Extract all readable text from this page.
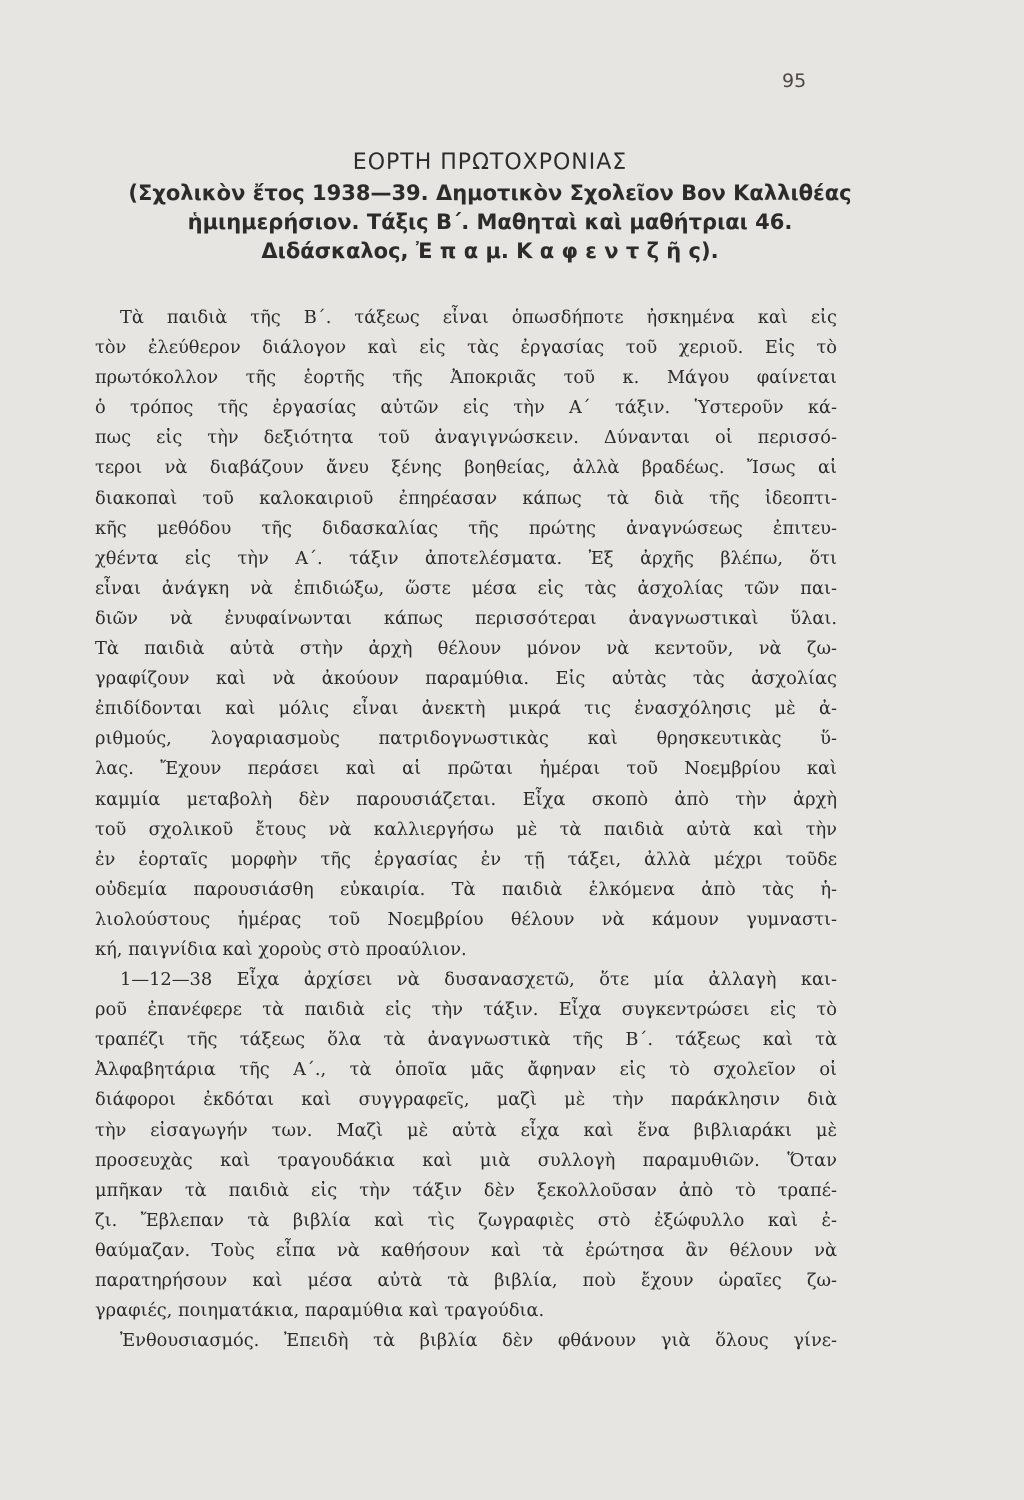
95
ΕΟΡΤΗ ΠΡΩΤΟΧΡΟΝΙΑΣ
(Σχολικὸν ἔτος 1938—39. Δημοτικὸν Σχολεῖον Βον Καλλιθέας
ἡμιημερήσιον. Τάξις Β΄. Μαθηταὶ καὶ μαθήτριαι 46.
Διδάσκαλος, Ἐ π α μ. Κ α φ ε ν τ ζ ῆ ς).
Τὰ παιδιὰ τῆς Β΄. τάξεως εἶναι ὁπωσδήποτε ἠσκημένα καὶ εἰς
τὸν ἐλεύθερον διάλογον καὶ εἰς τὰς ἐργασίας τοῦ χεριοῦ. Εἰς τὸ
πρωτόκολλον τῆς ἑορτῆς τῆς Ἀποκριᾶς τοῦ κ. Μάγου φαίνεται
ὁ τρόπος τῆς ἐργασίας αὐτῶν εἰς τὴν Α΄ τάξιν. Ὑστεροῦν κά-
πως εἰς τὴν δεξιότητα τοῦ ἀναγιγνώσκειν. Δύνανται οἱ περισσό-
τεροι νὰ διαβάζουν ἄνευ ξένης βοηθείας, ἀλλὰ βραδέως. Ἴσως αἱ
διακοπαὶ τοῦ καλοκαιριοῦ ἐπηρέασαν κάπως τὰ διὰ τῆς ἰδεοπτι-
κῆς μεθόδου τῆς διδασκαλίας τῆς πρώτης ἀναγνώσεως ἐπιτευ-
χθέντα εἰς τὴν Α΄. τάξιν ἀποτελέσματα. Ἐξ ἀρχῆς βλέπω, ὅτι
εἶναι ἀνάγκη νὰ ἐπιδιώξω, ὥστε μέσα εἰς τὰς ἀσχολίας τῶν παι-
διῶν νὰ ἐνυφαίνωνται κάπως περισσότεραι ἀναγνωστικαὶ ὕλαι.
Τὰ παιδιὰ αὐτὰ στὴν ἀρχὴ θέλουν μόνον νὰ κεντοῦν, νὰ ζω-
γραφίζουν καὶ νὰ ἀκούουν παραμύθια. Εἰς αὐτὰς τὰς ἀσχολίας
ἐπιδίδονται καὶ μόλις εἶναι ἀνεκτὴ μικρά τις ἐνασχόλησις μὲ ἀ-
ριθμούς, λογαριασμοὺς πατριδογνωστικὰς καὶ θρησκευτικὰς ὕ-
λας. Ἔχουν περάσει καὶ αἱ πρῶται ἡμέραι τοῦ Νοεμβρίου καὶ
καμμία μεταβολὴ δὲν παρουσιάζεται. Εἶχα σκοπὸ ἀπὸ τὴν ἀρχὴ
τοῦ σχολικοῦ ἔτους νὰ καλλιεργήσω μὲ τὰ παιδιὰ αὐτὰ καὶ τὴν
ἐν ἑορταῖς μορφὴν τῆς ἐργασίας ἐν τῇ τάξει, ἀλλὰ μέχρι τοῦδε
οὐδεμία παρουσιάσθη εὐκαιρία. Τὰ παιδιὰ ἑλκόμενα ἀπὸ τὰς ἡ-
λιολούστους ἡμέρας τοῦ Νοεμβρίου θέλουν νὰ κάμουν γυμναστι-
κή, παιγνίδια καὶ χοροὺς στὸ προαύλιον.
1—12—38 Εἶχα ἀρχίσει νὰ δυσανασχετῶ, ὅτε μία ἀλλαγὴ και-
ροῦ ἐπανέφερε τὰ παιδιὰ εἰς τὴν τάξιν. Εἶχα συγκεντρώσει εἰς τὸ
τραπέζι τῆς τάξεως ὅλα τὰ ἀναγνωστικὰ τῆς Β΄. τάξεως καὶ τὰ
Ἀλφαβητάρια τῆς Α΄., τὰ ὁποῖα μᾶς ἄφηναν εἰς τὸ σχολεῖον οἱ
διάφοροι ἐκδόται καὶ συγγραφεῖς, μαζὶ μὲ τὴν παράκλησιν διὰ
τὴν εἰσαγωγήν των. Μαζὶ μὲ αὐτὰ εἶχα καὶ ἕνα βιβλιαράκι μὲ
προσευχὰς καὶ τραγουδάκια καὶ μιὰ συλλογὴ παραμυθιῶν. Ὅταν
μπῆκαν τὰ παιδιὰ εἰς τὴν τάξιν δὲν ξεκολλοῦσαν ἀπὸ τὸ τραπέ-
ζι. Ἔβλεπαν τὰ βιβλία καὶ τὶς ζωγραφιὲς στὸ ἐξώφυλλο καὶ ἐ-
θαύμαζαν. Τοὺς εἶπα νὰ καθήσουν καὶ τὰ ἐρώτησα ἂν θέλουν νὰ
παρατηρήσουν καὶ μέσα αὐτὰ τὰ βιβλία, ποὺ ἔχουν ὡραῖες ζω-
γραφιές, ποιηματάκια, παραμύθια καὶ τραγούδια.
Ἐνθουσιασμός. Ἐπειδὴ τὰ βιβλία δὲν φθάνουν γιὰ ὅλους γίνε-
